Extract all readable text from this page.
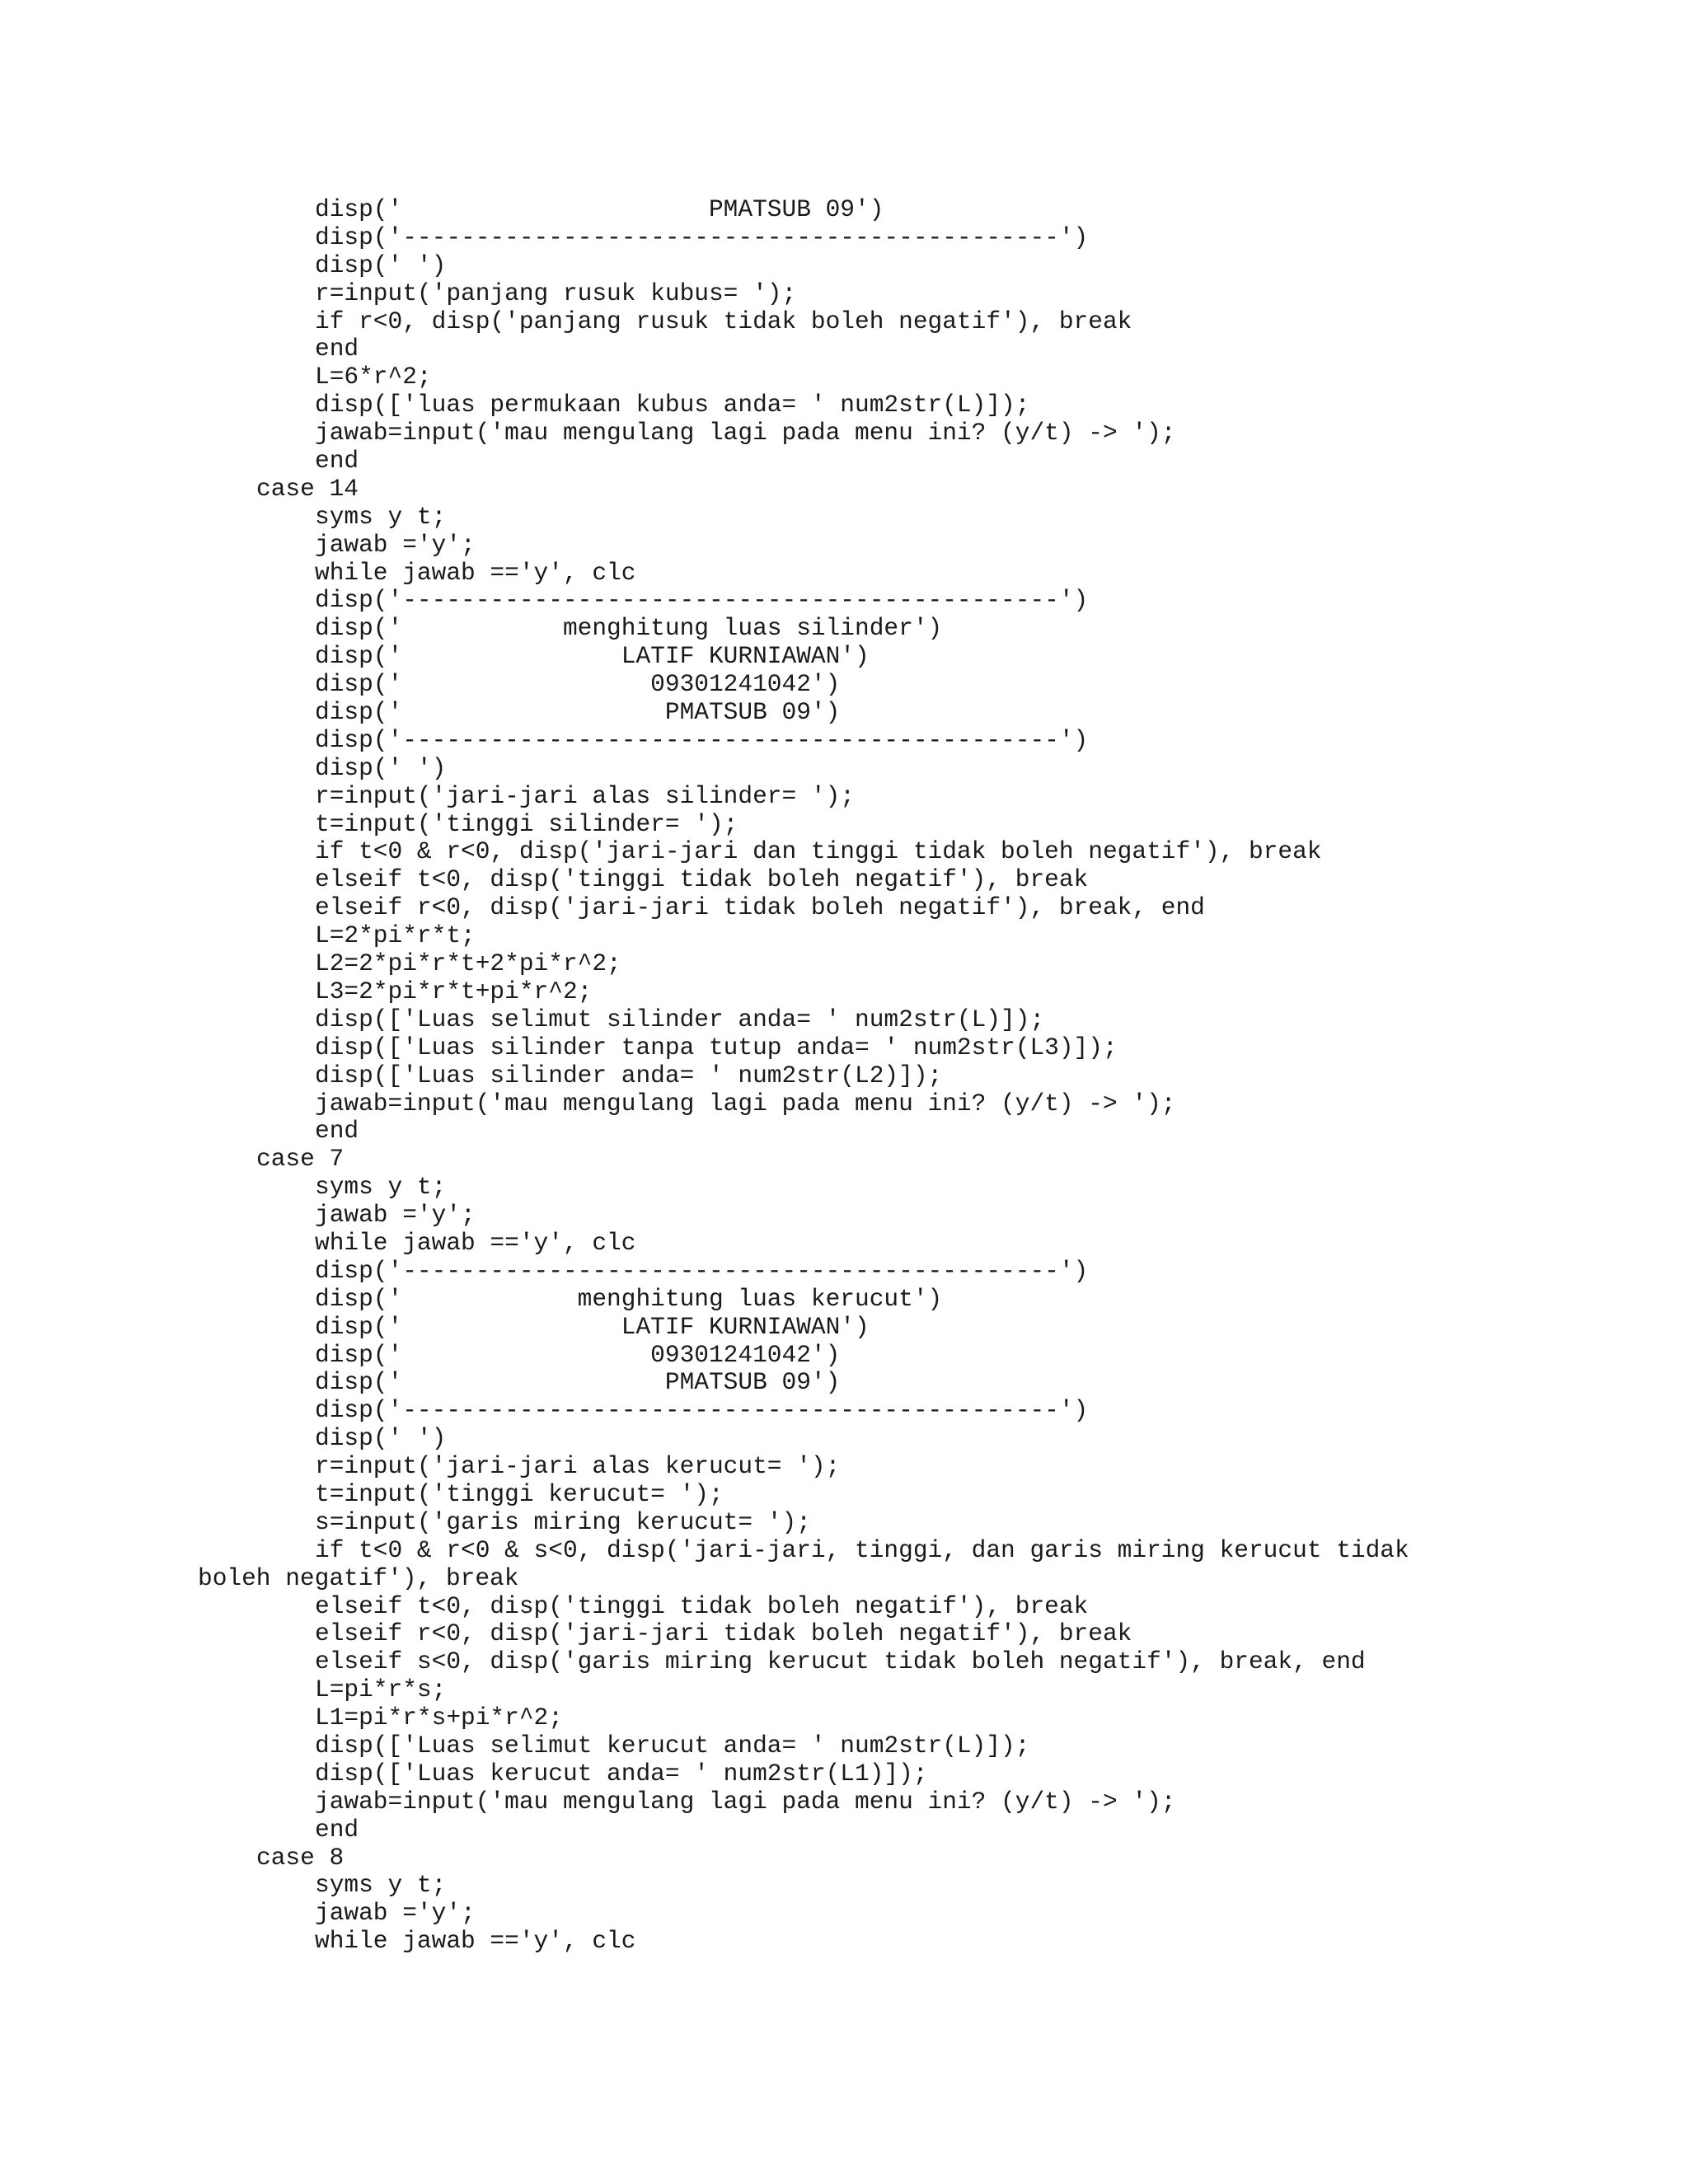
disp('                     PMATSUB 09')
disp('---------------------------------------------')
disp(' ')
r=input('panjang rusuk kubus= ');
if r<0, disp('panjang rusuk tidak boleh negatif'), break
end
L=6*r^2;
disp(['luas permukaan kubus anda= ' num2str(L)]);
jawab=input('mau mengulang lagi pada menu ini? (y/t) -> ');
end
case 14
syms y t;
jawab ='y';
while jawab =='y', clc
disp('---------------------------------------------')
disp('           menghitung luas silinder')
disp('               LATIF KURNIAWAN')
disp('                 09301241042')
disp('                  PMATSUB 09')
disp('---------------------------------------------')
disp(' ')
r=input('jari-jari alas silinder= ');
t=input('tinggi silinder= ');
if t<0 & r<0, disp('jari-jari dan tinggi tidak boleh negatif'), break
elseif t<0, disp('tinggi tidak boleh negatif'), break
elseif r<0, disp('jari-jari tidak boleh negatif'), break, end
L=2*pi*r*t;
L2=2*pi*r*t+2*pi*r^2;
L3=2*pi*r*t+pi*r^2;
disp(['Luas selimut silinder anda= ' num2str(L)]);
disp(['Luas silinder tanpa tutup anda= ' num2str(L3)]);
disp(['Luas silinder anda= ' num2str(L2)]);
jawab=input('mau mengulang lagi pada menu ini? (y/t) -> ');
end
case 7
syms y t;
jawab ='y';
while jawab =='y', clc
disp('---------------------------------------------')
disp('            menghitung luas kerucut')
disp('               LATIF KURNIAWAN')
disp('                 09301241042')
disp('                  PMATSUB 09')
disp('---------------------------------------------')
disp(' ')
r=input('jari-jari alas kerucut= ');
t=input('tinggi kerucut= ');
s=input('garis miring kerucut= ');
if t<0 & r<0 & s<0, disp('jari-jari, tinggi, dan garis miring kerucut tidak
boleh negatif'), break
elseif t<0, disp('tinggi tidak boleh negatif'), break
elseif r<0, disp('jari-jari tidak boleh negatif'), break
elseif s<0, disp('garis miring kerucut tidak boleh negatif'), break, end
L=pi*r*s;
L1=pi*r*s+pi*r^2;
disp(['Luas selimut kerucut anda= ' num2str(L)]);
disp(['Luas kerucut anda= ' num2str(L1)]);
jawab=input('mau mengulang lagi pada menu ini? (y/t) -> ');
end
case 8
syms y t;
jawab ='y';
while jawab =='y', clc
